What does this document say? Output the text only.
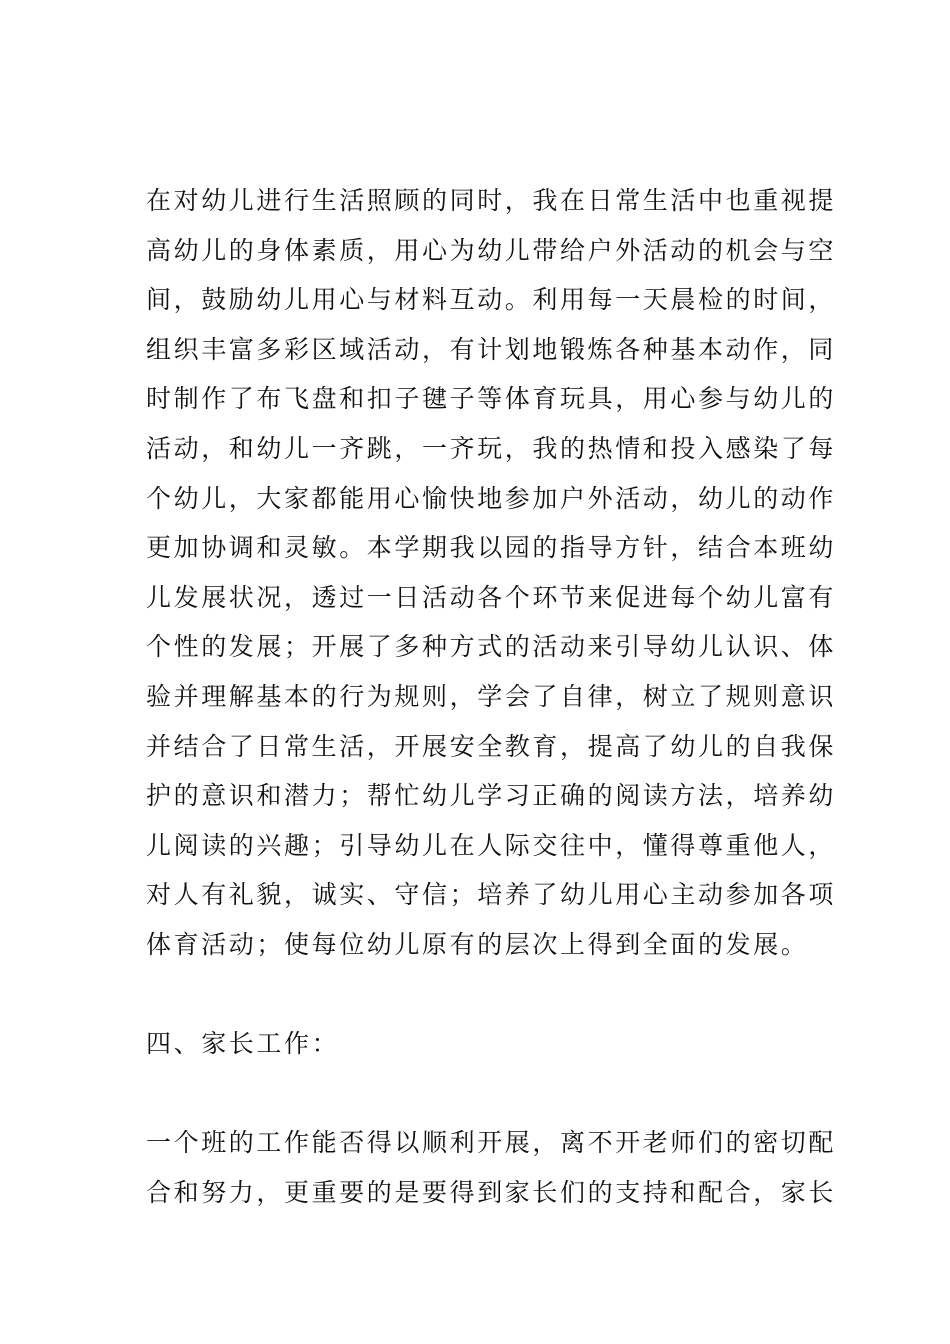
在对幼儿进行生活照顾的同时，我在日常生活中也重视提
高幼儿的身体素质，用心为幼儿带给户外活动的机会与空
间，鼓励幼儿用心与材料互动。利用每一天晨检的时间，
组织丰富多彩区域活动，有计划地锻炼各种基本动作，同
时制作了布飞盘和扣子毽子等体育玩具，用心参与幼儿的
活动，和幼儿一齐跳，一齐玩，我的热情和投入感染了每
个幼儿，大家都能用心愉快地参加户外活动，幼儿的动作
更加协调和灵敏。本学期我以园的指导方针，结合本班幼
儿发展状况，透过一日活动各个环节来促进每个幼儿富有
个性的发展；开展了多种方式的活动来引导幼儿认识、体
验并理解基本的行为规则，学会了自律，树立了规则意识
并结合了日常生活，开展安全教育，提高了幼儿的自我保
护的意识和潜力；帮忙幼儿学习正确的阅读方法，培养幼
儿阅读的兴趣；引导幼儿在人际交往中，懂得尊重他人，
对人有礼貌，诚实、守信；培养了幼儿用心主动参加各项
体育活动；使每位幼儿原有的层次上得到全面的发展。
四、家长工作：
一个班的工作能否得以顺利开展，离不开老师们的密切配
合和努力，更重要的是要得到家长们的支持和配合，家长
